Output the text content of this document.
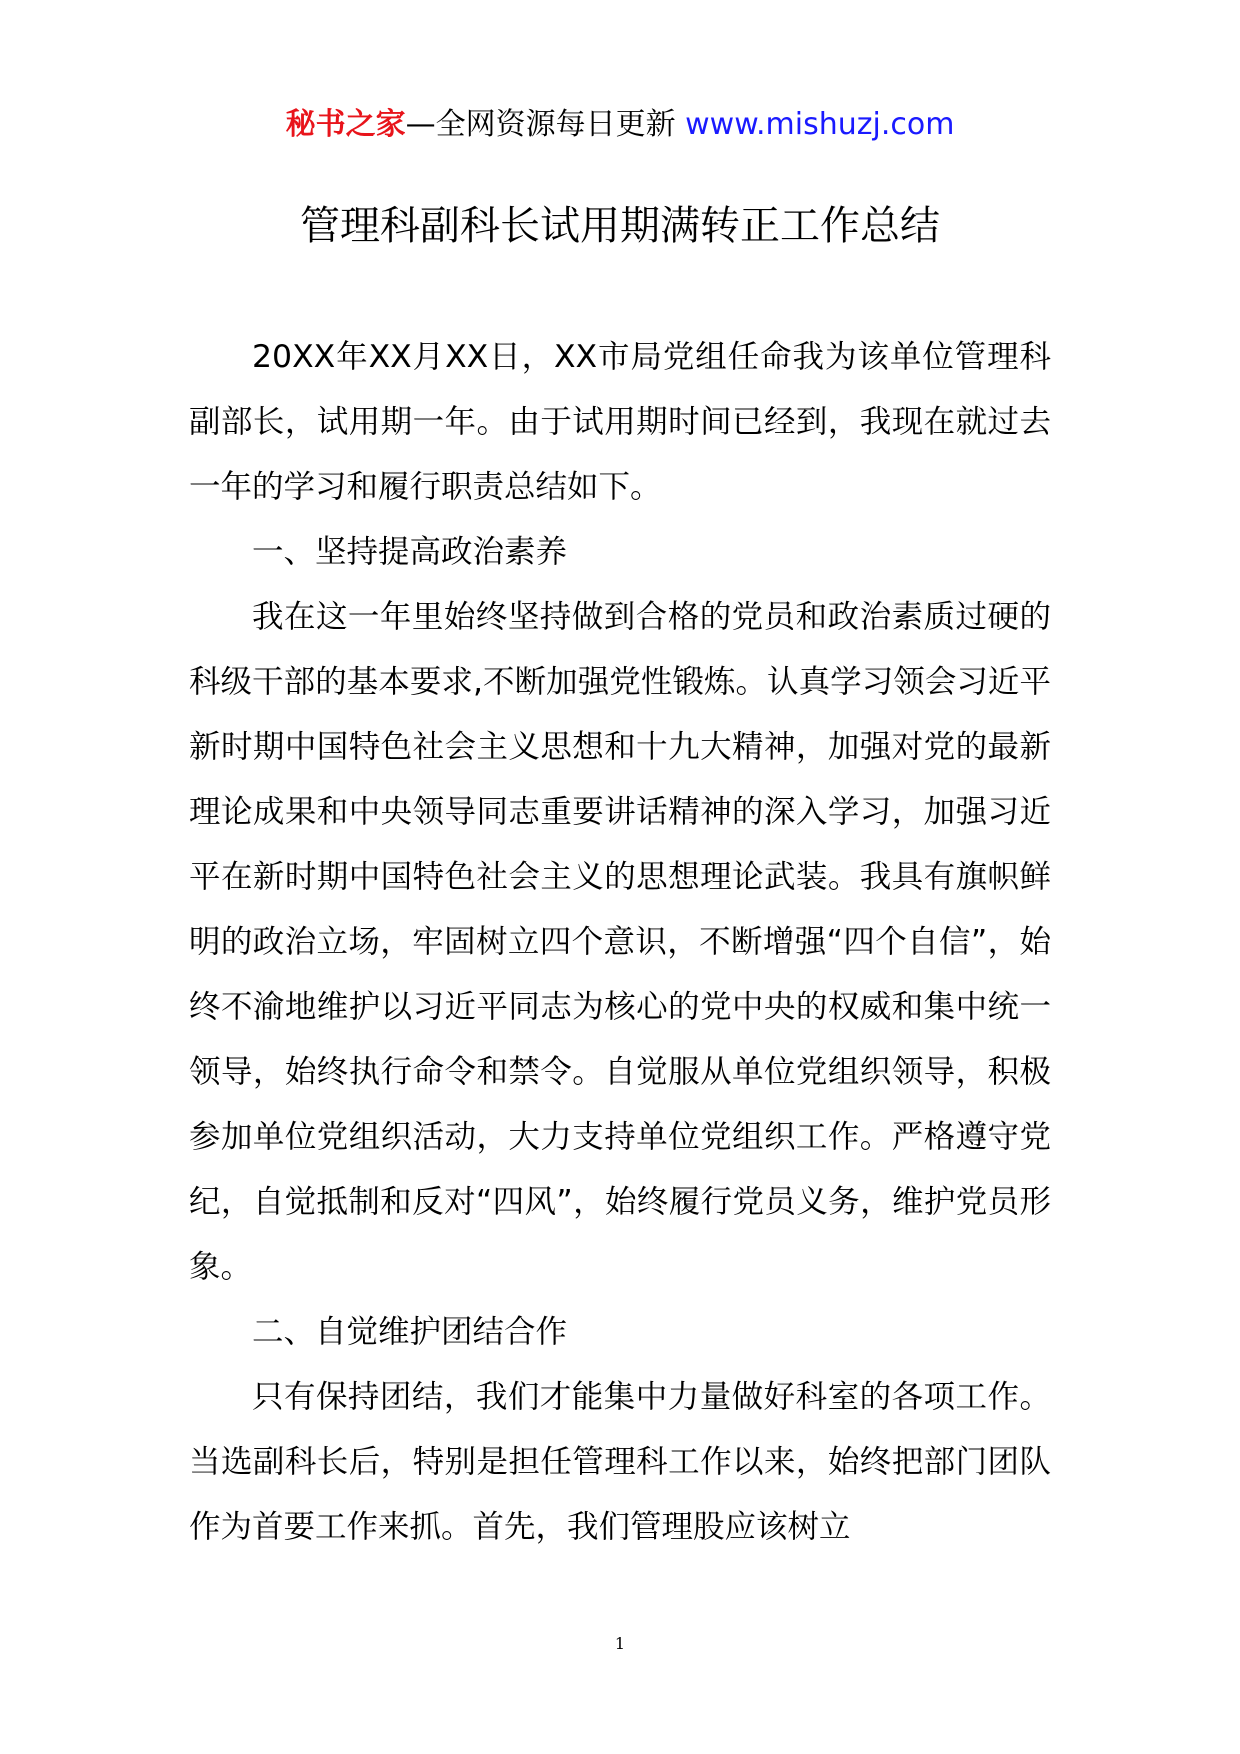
秘书之家—全网资源每日更新 www.mishuzj.com
管理科副科长试用期满转正工作总结

20XX年XX月XX日，XX市局党组任命我为该单位管理科副部长，试用期一年。由于试用期时间已经到，我现在就过去一年的学习和履行职责总结如下。

一、坚持提高政治素养

我在这一年里始终坚持做到合格的党员和政治素质过硬的科级干部的基本要求,不断加强党性锻炼。认真学习领会习近平新时期中国特色社会主义思想和十九大精神，加强对党的最新理论成果和中央领导同志重要讲话精神的深入学习，加强习近平在新时期中国特色社会主义的思想理论武装。我具有旗帜鲜明的政治立场，牢固树立四个意识，不断增强“四个自信”，始终不渝地维护以习近平同志为核心的党中央的权威和集中统一领导，始终执行命令和禁令。自觉服从单位党组织领导，积极参加单位党组织活动，大力支持单位党组织工作。严格遵守党纪，自觉抵制和反对“四风”，始终履行党员义务，维护党员形象。

二、自觉维护团结合作

只有保持团结，我们才能集中力量做好科室的各项工作。当选副科长后，特别是担任管理科工作以来，始终把部门团队作为首要工作来抓。首先，我们管理股应该树立

1
